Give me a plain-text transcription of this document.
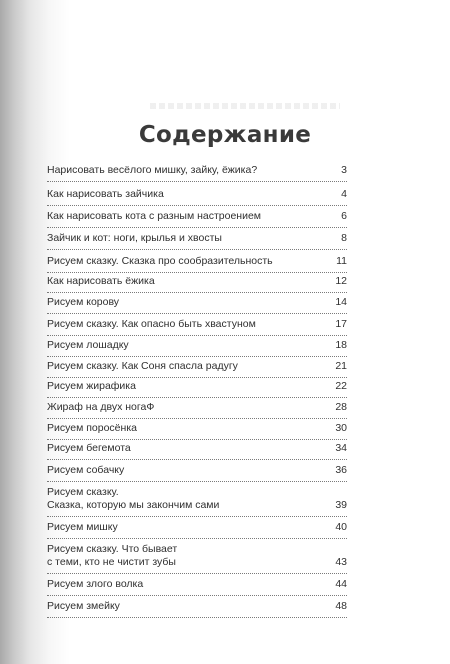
Содержание
Нарисовать весёлого мишку, зайку, ёжика?	3
Как нарисовать зайчика	4
Как нарисовать кота с разным настроением	6
Зайчик и кот: ноги, крылья и хвосты	8
Рисуем сказку. Сказка про сообразительность	11
Как нарисовать ёжика	12
Рисуем корову	14
Рисуем сказку. Как опасно быть хвастуном	17
Рисуем лошадку	18
Рисуем сказку. Как Соня спасла радугу	21
Рисуем жирафика	22
Жираф на двух ногаФ	28
Рисуем поросёнка	30
Рисуем бегемота	34
Рисуем собачку	36
Рисуем сказку.
Сказка, которую мы закончим сами	39
Рисуем мишку	40
Рисуем сказку. Что бывает
с теми, кто не чистит зубы	43
Рисуем злого волка	44
Рисуем змейку	48
